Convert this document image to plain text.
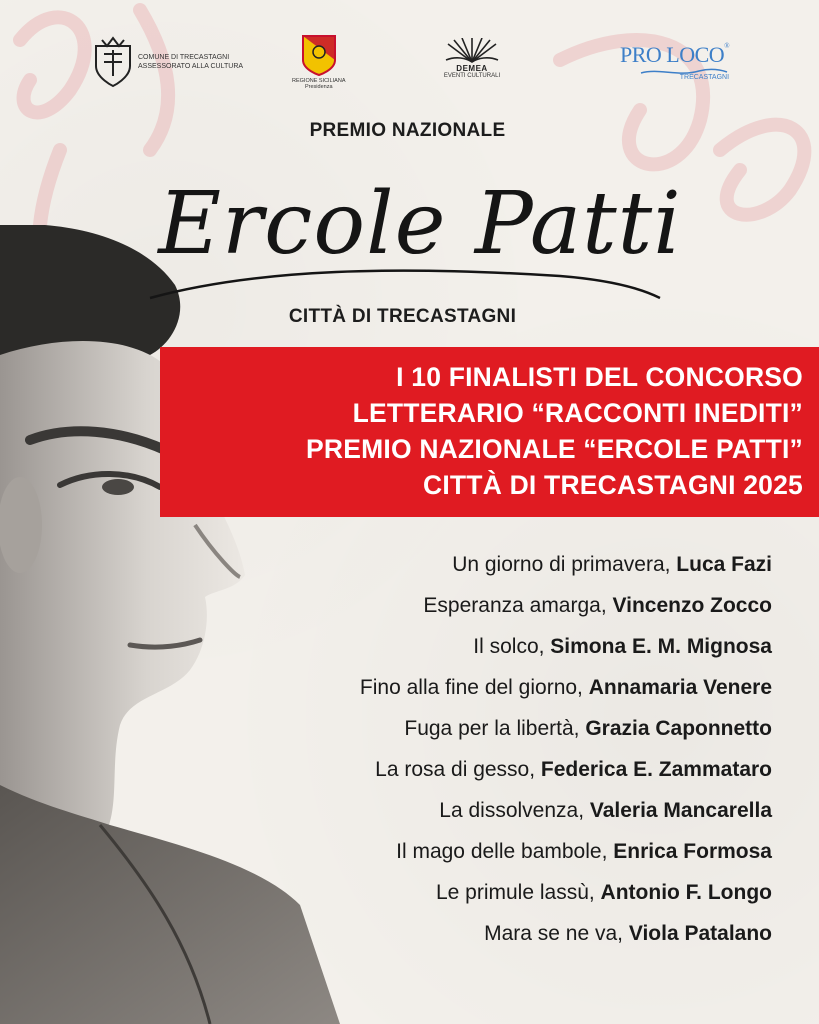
COMUNE DI TRECASTAGNI
ASSESSORATO ALLA CULTURA
REGIONE SICILIANA
Presidenza
DEMEA
EVENTI CULTURALI
PRO LOCO®
TRECASTAGNI
PREMIO NAZIONALE
Ercole Patti
CITTÀ DI TRECASTAGNI
I 10 FINALISTI DEL CONCORSO
LETTERARIO “RACCONTI INEDITI”
PREMIO NAZIONALE “ERCOLE PATTI”
CITTÀ DI TRECASTAGNI 2025
Un giorno di primavera, Luca Fazi
Esperanza amarga, Vincenzo Zocco
Il solco, Simona E. M. Mignosa
Fino alla fine del giorno, Annamaria Venere
Fuga per la libertà, Grazia Caponnetto
La rosa di gesso, Federica E. Zammataro
La dissolvenza, Valeria Mancarella
Il mago delle bambole, Enrica Formosa
Le primule lassù, Antonio F. Longo
Mara se ne va, Viola Patalano
